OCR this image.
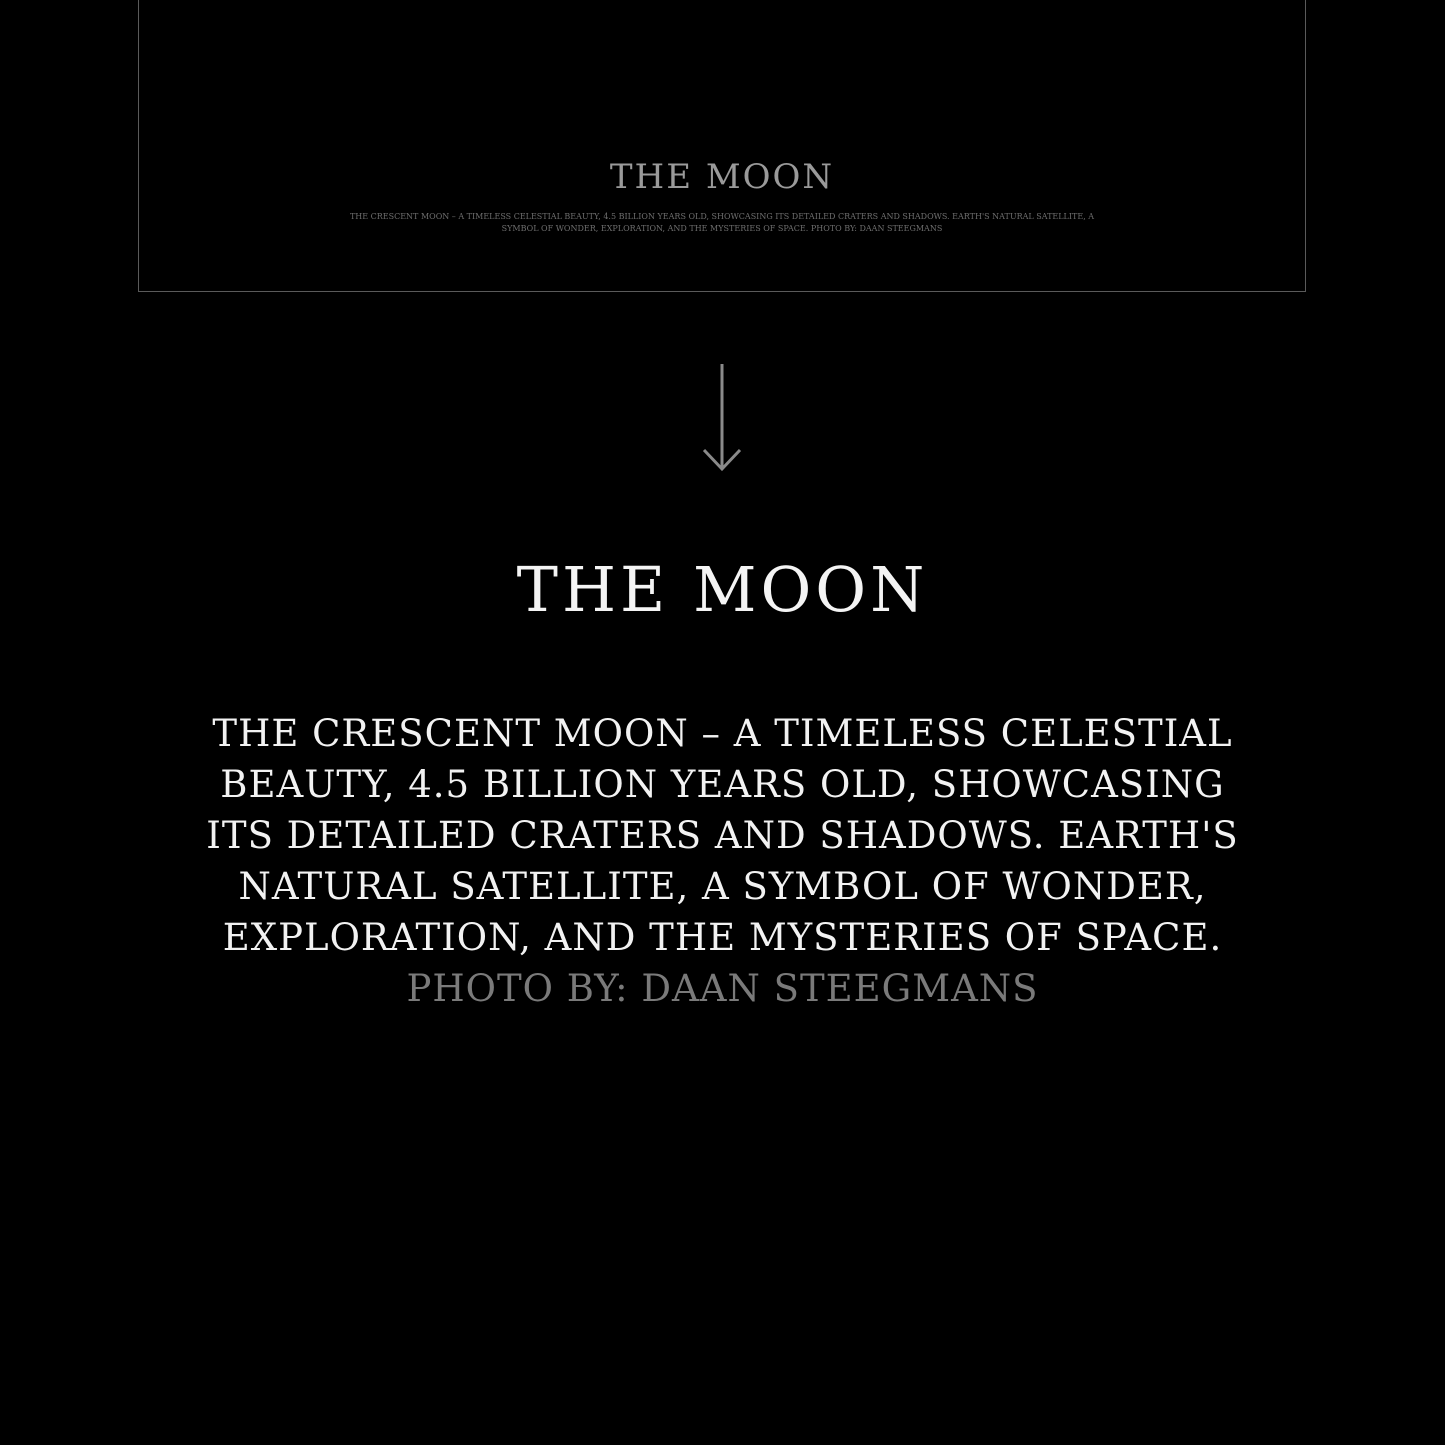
THE MOON

THE CRESCENT MOON – A TIMELESS CELESTIAL BEAUTY, 4.5 BILLION YEARS OLD, SHOWCASING ITS DETAILED CRATERS AND SHADOWS. EARTH'S NATURAL SATELLITE, A SYMBOL OF WONDER, EXPLORATION, AND THE MYSTERIES OF SPACE. PHOTO BY: DAAN STEEGMANS

THE MOON

THE CRESCENT MOON – A TIMELESS CELESTIAL BEAUTY, 4.5 BILLION YEARS OLD, SHOWCASING ITS DETAILED CRATERS AND SHADOWS. EARTH'S NATURAL SATELLITE, A SYMBOL OF WONDER, EXPLORATION, AND THE MYSTERIES OF SPACE.
PHOTO BY: DAAN STEEGMANS
